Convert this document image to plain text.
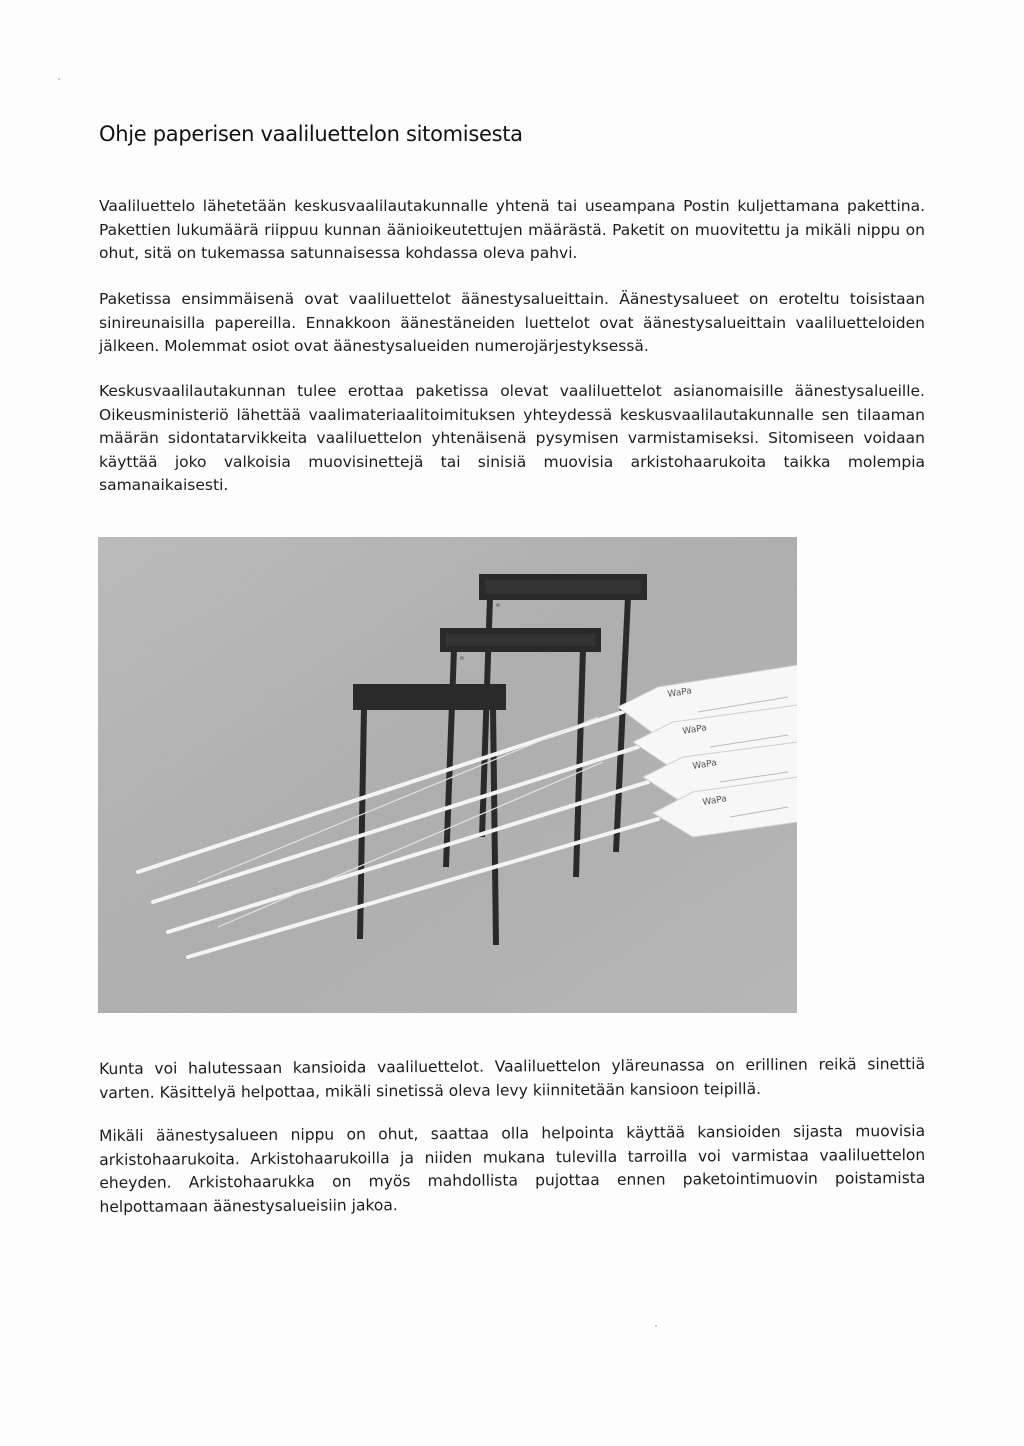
Ohje paperisen vaaliluettelon sitomisesta

Vaaliluettelo lähetetään keskusvaalilautakunnalle yhtenä tai useampana Postin kuljettamana pakettina. Pakettien lukumäärä riippuu kunnan äänioikeutettujen määrästä. Paketit on muovitettu ja mikäli nippu on ohut, sitä on tukemassa satunnaisessa kohdassa oleva pahvi.

Paketissa ensimmäisenä ovat vaaliluettelot äänestysalueittain. Äänestysalueet on eroteltu toisistaan sinireunaisilla papereilla. Ennakkoon äänestäneiden luettelot ovat äänestysalueittain vaaliluetteloiden jälkeen. Molemmat osiot ovat äänestysalueiden numerojärjestyksessä.

Keskusvaalilautakunnan tulee erottaa paketissa olevat vaaliluettelot asianomaisille äänestysalueille. Oikeusministeriö lähettää vaalimateriaalitoimituksen yhteydessä keskusvaalilautakunnalle sen tilaaman määrän sidontatarvikkeita vaaliluettelon yhtenäisenä pysymisen varmistamiseksi. Sitomiseen voidaan käyttää joko valkoisia muovisinettejä tai sinisiä muovisia arkistohaarukoita taikka molempia samanaikaisesti.

WaPa
WaPa
WaPa
WaPa

Kunta voi halutessaan kansioida vaaliluettelot. Vaaliluettelon yläreunassa on erillinen reikä sinettiä varten. Käsittelyä helpottaa, mikäli sinetissä oleva levy kiinnitetään kansioon teipillä.

Mikäli äänestysalueen nippu on ohut, saattaa olla helpointa käyttää kansioiden sijasta muovisia arkistohaarukoita. Arkistohaarukoilla ja niiden mukana tulevilla tarroilla voi varmistaa vaaliluettelon eheyden. Arkistohaarukka on myös mahdollista pujottaa ennen paketointimuovin poistamista helpottamaan äänestysalueisiin jakoa.
